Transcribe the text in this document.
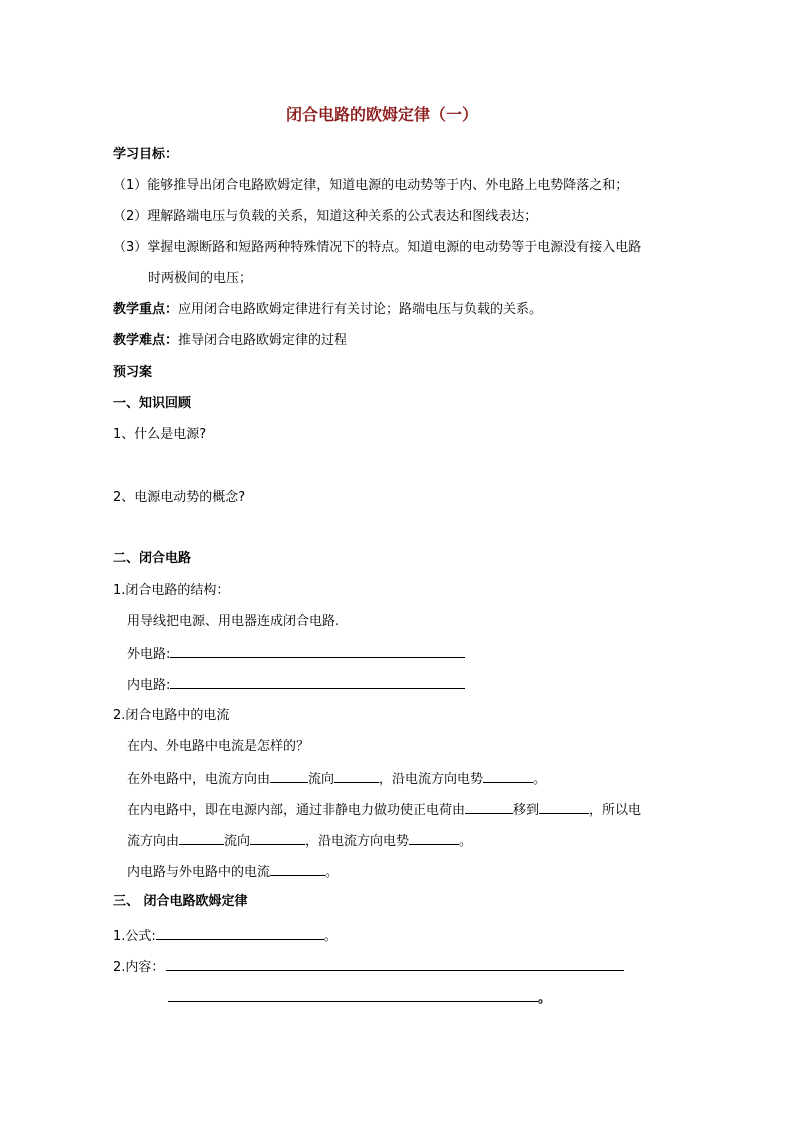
闭合电路的欧姆定律（一）
学习目标：
（1）能够推导出闭合电路欧姆定律，知道电源的电动势等于内、外电路上电势降落之和；
（2）理解路端电压与负载的关系，知道这种关系的公式表达和图线表达；
（3）掌握电源断路和短路两种特殊情况下的特点。知道电源的电动势等于电源没有接入电路
时两极间的电压；
教学重点：应用闭合电路欧姆定律进行有关讨论；路端电压与负载的关系。
教学难点：推导闭合电路欧姆定律的过程
预习案
一、知识回顾
1、什么是电源?
2、电源电动势的概念?
二、闭合电路
1.闭合电路的结构：
用导线把电源、用电器连成闭合电路.
外电路:
内电路:
2.闭合电路中的电流
在内、外电路中电流是怎样的？
在外电路中，电流方向由	流向	，沿电流方向电势	。
在内电路中，即在电源内部，通过非静电力做功使正电荷由	移到	，所以电
流方向由	流向	，沿电流方向电势	。
内电路与外电路中的电流	。
三、 闭合电路欧姆定律
1.公式:	。
2.内容：
。
